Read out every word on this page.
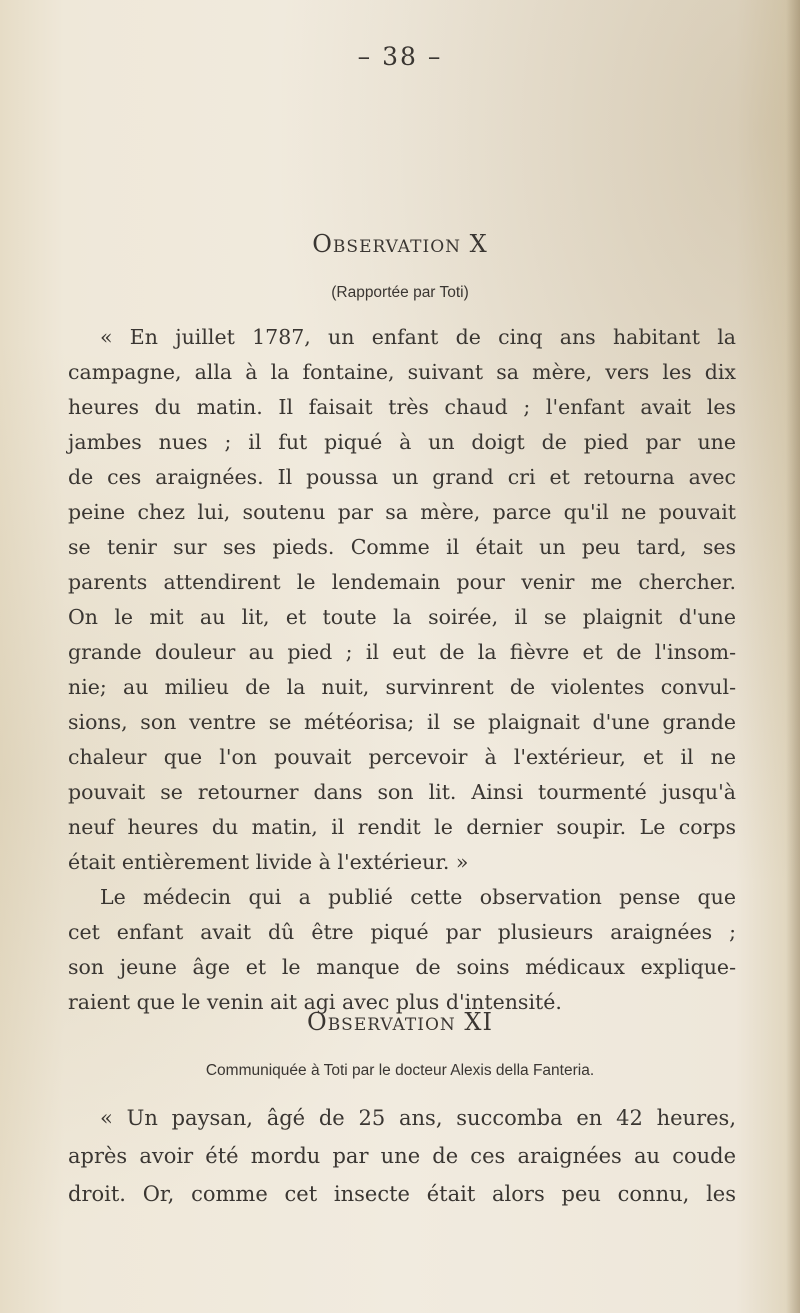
– 38 –
Observation X
(Rapportée par Toti)
« En juillet 1787, un enfant de cinq ans habitant la
campagne, alla à la fontaine, suivant sa mère, vers les dix
heures du matin. Il faisait très chaud ; l'enfant avait les
jambes nues ; il fut piqué à un doigt de pied par une
de ces araignées. Il poussa un grand cri et retourna avec
peine chez lui, soutenu par sa mère, parce qu'il ne pouvait
se tenir sur ses pieds. Comme il était un peu tard, ses
parents attendirent le lendemain pour venir me chercher.
On le mit au lit, et toute la soirée, il se plaignit d'une
grande douleur au pied ; il eut de la fièvre et de l'insom-
nie; au milieu de la nuit, survinrent de violentes convul-
sions, son ventre se météorisa; il se plaignait d'une grande
chaleur que l'on pouvait percevoir à l'extérieur, et il ne
pouvait se retourner dans son lit. Ainsi tourmenté jusqu'à
neuf heures du matin, il rendit le dernier soupir. Le corps
était entièrement livide à l'extérieur. »
Le médecin qui a publié cette observation pense que
cet enfant avait dû être piqué par plusieurs araignées ;
son jeune âge et le manque de soins médicaux explique-
raient que le venin ait agi avec plus d'intensité.
Observation XI
Communiquée à Toti par le docteur Alexis della Fanteria.
« Un paysan, âgé de 25 ans, succomba en 42 heures,
après avoir été mordu par une de ces araignées au coude
droit. Or, comme cet insecte était alors peu connu, les
